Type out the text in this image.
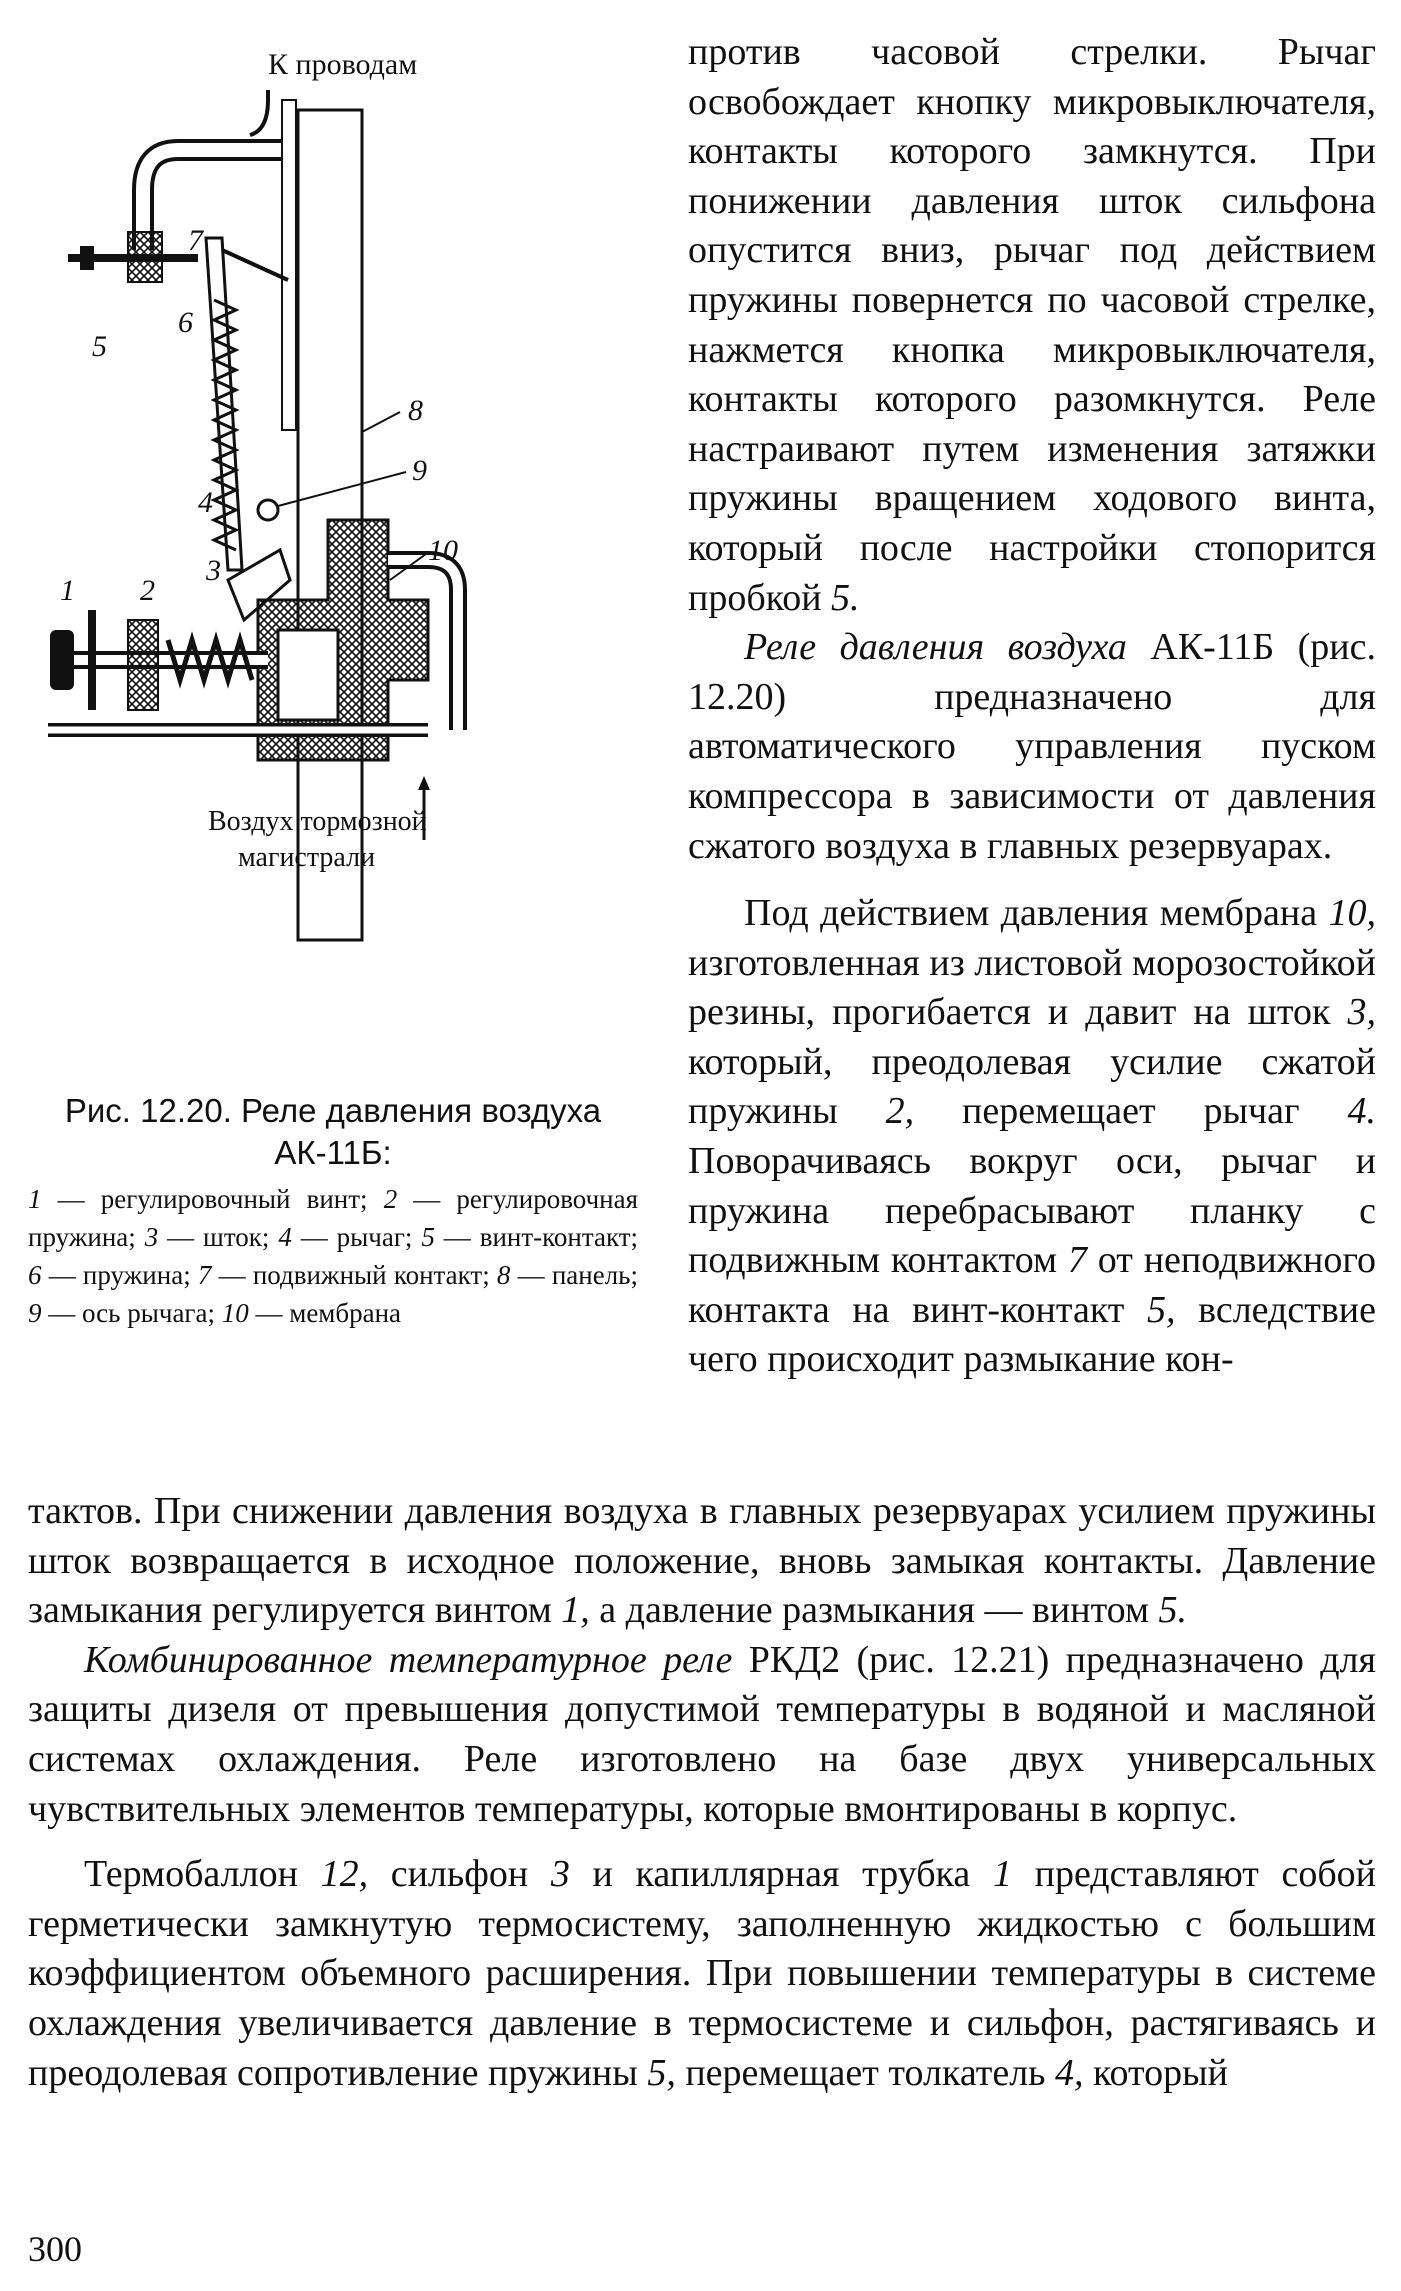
К проводам
Воздух тормозной
магистрали
1 2
3
4
5
6
7
8
9
10
Рис. 12.20. Реле давления воздуха
АК-11Б:
1 — регулировочный винт; 2 — регулировочная пружина; 3 — шток; 4 — рычаг; 5 — винт-контакт; 6 — пружина; 7 — подвижный контакт; 8 — панель; 9 — ось рычага; 10 — мембрана

против часовой стрелки. Рычаг освобождает кнопку микровыключателя, контакты которого замкнутся. При понижении давления шток сильфона опустится вниз, рычаг под действием пружины повернется по часовой стрелке, нажмется кнопка микровыключателя, контакты которого разомкнутся. Реле настраивают путем изменения затяжки пружины вращением ходового винта, который после настройки стопорится пробкой 5.

Реле давления воздуха АК-11Б (рис. 12.20) предназначено для автоматического управления пуском компрессора в зависимости от давления сжатого воздуха в главных резервуарах.

Под действием давления мембрана 10, изготовленная из листовой морозостойкой резины, прогибается и давит на шток 3, который, преодолевая усилие сжатой пружины 2, перемещает рычаг 4. Поворачиваясь вокруг оси, рычаг и пружина перебрасывают планку с подвижным контактом 7 от неподвижного контакта на винт-контакт 5, вследствие чего происходит размыкание кон-

тактов. При снижении давления воздуха в главных резервуарах усилием пружины шток возвращается в исходное положение, вновь замыкая контакты. Давление замыкания регулируется винтом 1, а давление размыкания — винтом 5.

Комбинированное температурное реле РКД2 (рис. 12.21) предназначено для защиты дизеля от превышения допустимой температуры в водяной и масляной системах охлаждения. Реле изготовлено на базе двух универсальных чувствительных элементов температуры, которые вмонтированы в корпус.

Термобаллон 12, сильфон 3 и капиллярная трубка 1 представляют собой герметически замкнутую термосистему, заполненную жидкостью с большим коэффициентом объемного расширения. При повышении температуры в системе охлаждения увеличивается давление в термосистеме и сильфон, растягиваясь и преодолевая сопротивление пружины 5, перемещает толкатель 4, который

300
